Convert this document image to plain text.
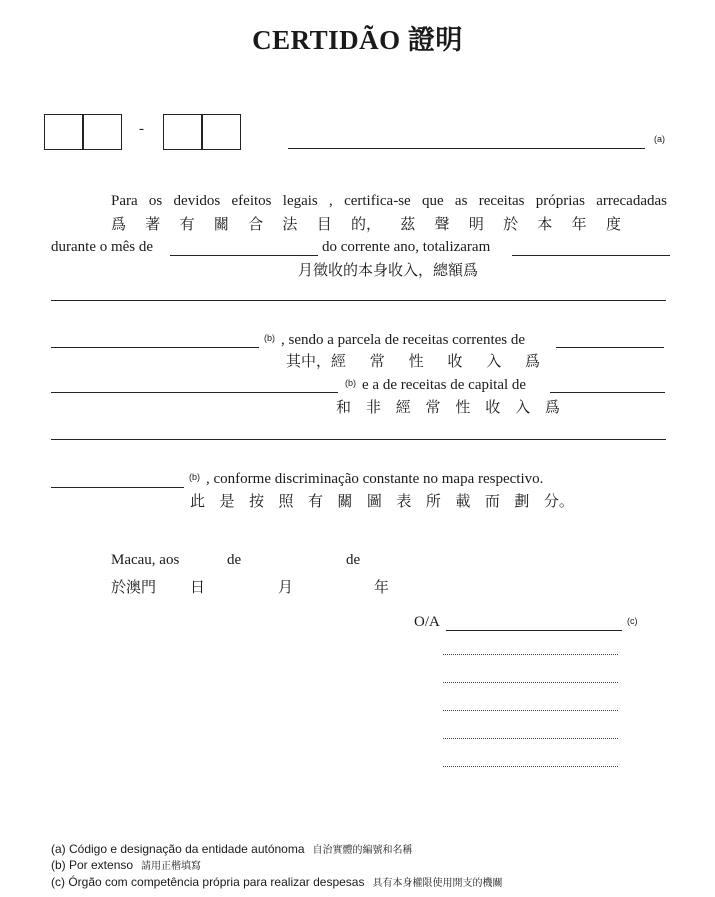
CERTIDÃO 證明
-
(a)
Para os devidos efeitos legais , certifica-se que as receitas próprias arrecadadas
爲 著 有 關 合 法 目 的， 茲 聲 明 於 本 年 度
durante o mês de	do corrente ano, totalizaram
月徵收的本身收入，總額爲
(b) , sendo a parcela de receitas correntes de
其中，經 常 性 收 入 爲
(b) e a de receitas de capital de
和 非 經 常 性 收 入 爲
(b) , conforme discriminação constante no mapa respectivo.
此 是 按 照 有 關 圖 表 所 載 而 劃 分。
Macau, aos	de	de
於澳門 日	月	年
O/A	(c)
(a) Código e designação da entidade autónoma 自治實體的編號和名稱
(b) Por extenso 請用正楷填寫
(c) Órgão com competência própria para realizar despesas 具有本身權限使用開支的機關
